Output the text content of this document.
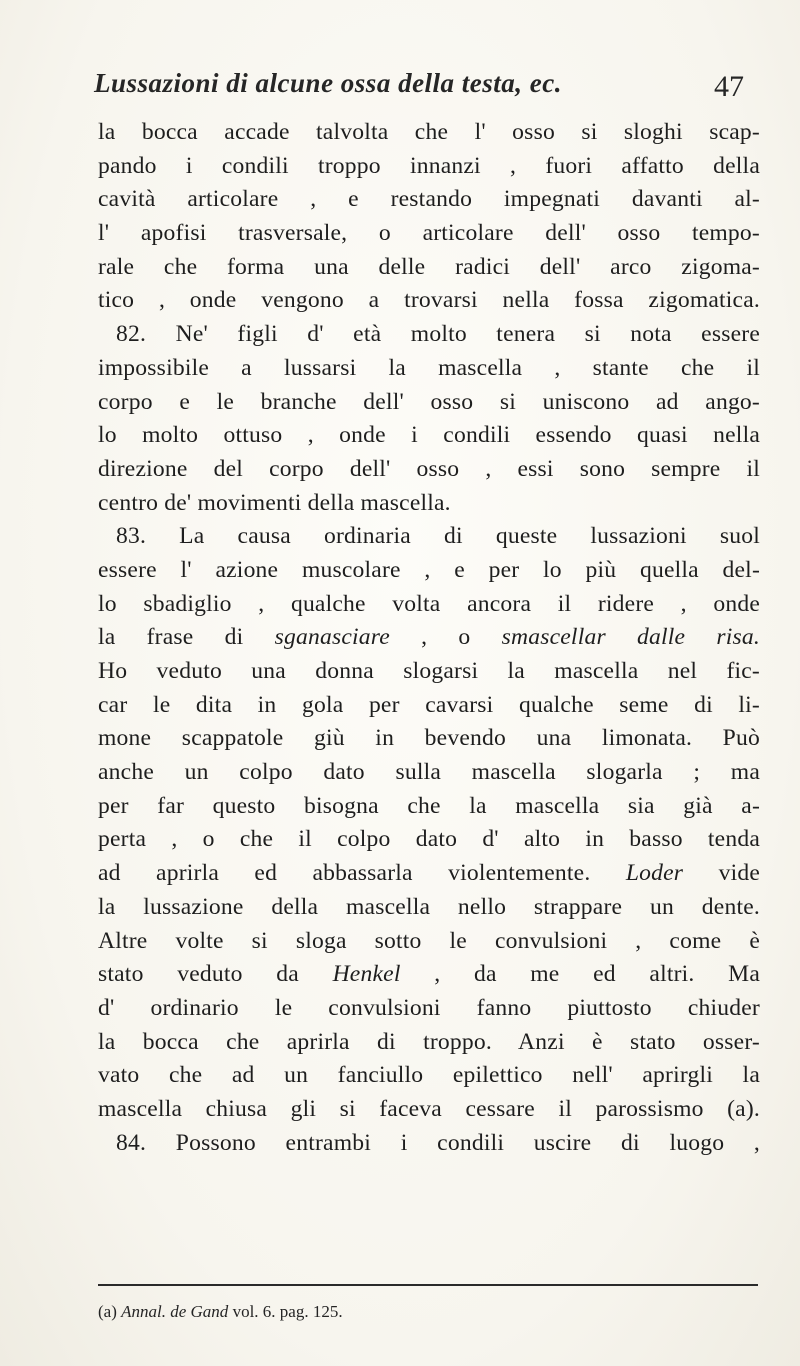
Lussazioni di alcune ossa della testa, ec.	47
la bocca accade talvolta che l' osso si sloghi scap-
pando i condili troppo innanzi , fuori affatto della
cavità articolare , e restando impegnati davanti al-
l' apofisi trasversale, o articolare dell' osso tempo-
rale che forma una delle radici dell' arco zigoma-
tico , onde vengono a trovarsi nella fossa zigomatica.
82. Ne' figli d' età molto tenera si nota essere
impossibile a lussarsi la mascella , stante che il
corpo e le branche dell' osso si uniscono ad ango-
lo molto ottuso , onde i condili essendo quasi nella
direzione del corpo dell' osso , essi sono sempre il
centro de' movimenti della mascella.
83. La causa ordinaria di queste lussazioni suol
essere l' azione muscolare , e per lo più quella del-
lo sbadiglio , qualche volta ancora il ridere , onde
la frase di sganasciare , o smascellar dalle risa.
Ho veduto una donna slogarsi la mascella nel fic-
car le dita in gola per cavarsi qualche seme di li-
mone scappatole giù in bevendo una limonata. Può
anche un colpo dato sulla mascella slogarla ; ma
per far questo bisogna che la mascella sia già a-
perta , o che il colpo dato d' alto in basso tenda
ad aprirla ed abbassarla violentemente. Loder vide
la lussazione della mascella nello strappare un dente.
Altre volte si sloga sotto le convulsioni , come è
stato veduto da Henkel , da me ed altri. Ma
d' ordinario le convulsioni fanno piuttosto chiuder
la bocca che aprirla di troppo. Anzi è stato osser-
vato che ad un fanciullo epilettico nell' aprirgli la
mascella chiusa gli si faceva cessare il parossismo (a).
84. Possono entrambi i condili uscire di luogo ,
(a) Annal. de Gand vol. 6. pag. 125.
